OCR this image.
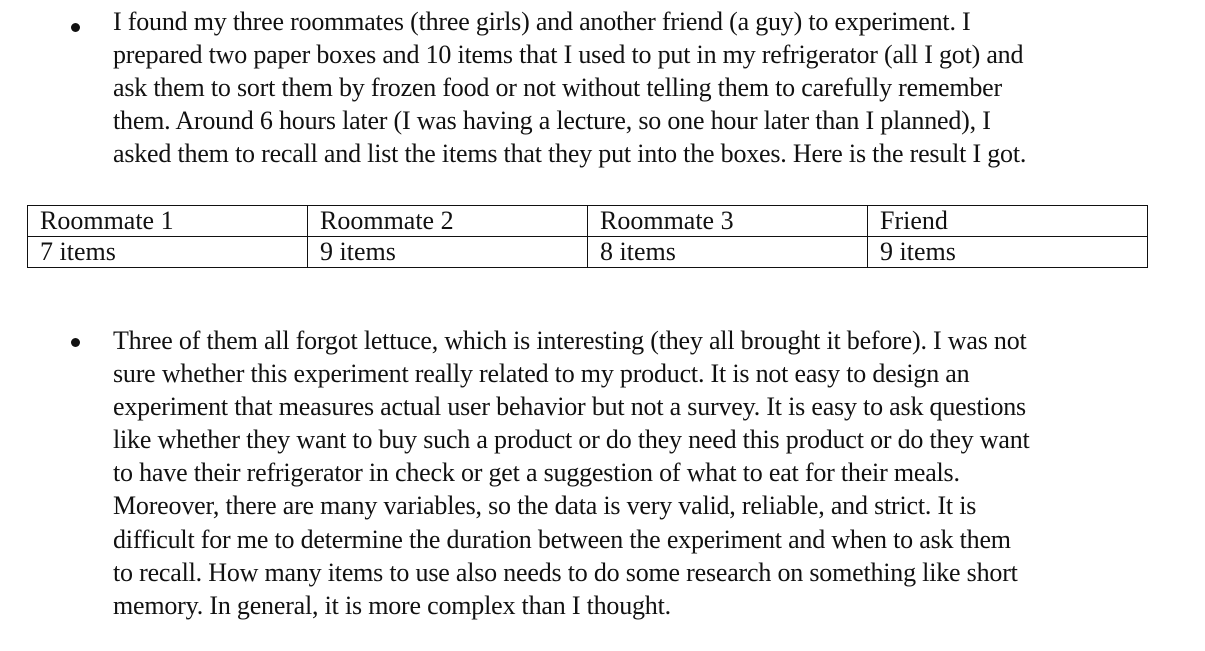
I found my three roommates (three girls) and another friend (a guy) to experiment. I
prepared two paper boxes and 10 items that I used to put in my refrigerator (all I got) and
ask them to sort them by frozen food or not without telling them to carefully remember
them. Around 6 hours later (I was having a lecture, so one hour later than I planned), I
asked them to recall and list the items that they put into the boxes. Here is the result I got.
Roommate 1	Roommate 2	Roommate 3	Friend
7 items	9 items	8 items	9 items
Three of them all forgot lettuce, which is interesting (they all brought it before). I was not
sure whether this experiment really related to my product. It is not easy to design an
experiment that measures actual user behavior but not a survey. It is easy to ask questions
like whether they want to buy such a product or do they need this product or do they want
to have their refrigerator in check or get a suggestion of what to eat for their meals.
Moreover, there are many variables, so the data is very valid, reliable, and strict. It is
difficult for me to determine the duration between the experiment and when to ask them
to recall. How many items to use also needs to do some research on something like short
memory. In general, it is more complex than I thought.
